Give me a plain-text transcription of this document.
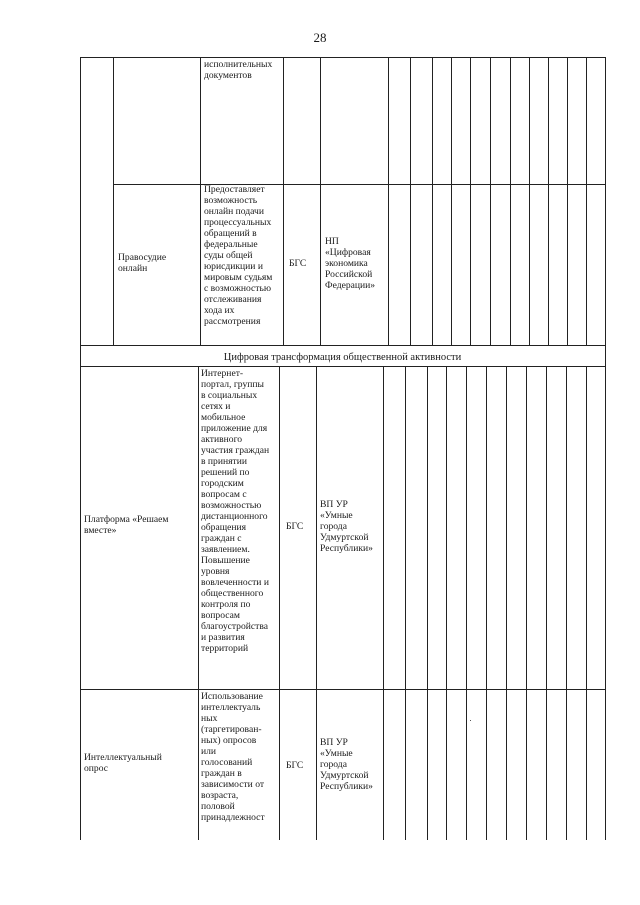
28
исполнительных
документов
Правосудие
онлайн
Предоставляет
возможность
онлайн подачи
процессуальных
обращений в
федеральные
суды общей
юрисдикции и
мировым судьям
с возможностью
отслеживания
хода их
рассмотрения
БГС
НП
«Цифровая
экономика
Российской
Федерации»
Цифровая трансформация общественной активности
Платформа «Решаем
вместе»
Интернет-
портал, группы
в социальных
сетях и
мобильное
приложение для
активного
участия граждан
в принятии
решений по
городским
вопросам с
возможностью
дистанционного
обращения
граждан с
заявлением.
Повышение
уровня
вовлеченности и
общественного
контроля по
вопросам
благоустройства
и развития
территорий
БГС
ВП УР
«Умные
города
Удмуртской
Республики»
Интеллектуальный
опрос
Использование
интеллектуаль
ных
(таргетирован-
ных) опросов
или
голосований
граждан в
зависимости от
возраста,
половой
принадлежност
БГС
ВП УР
«Умные
города
Удмуртской
Республики»
